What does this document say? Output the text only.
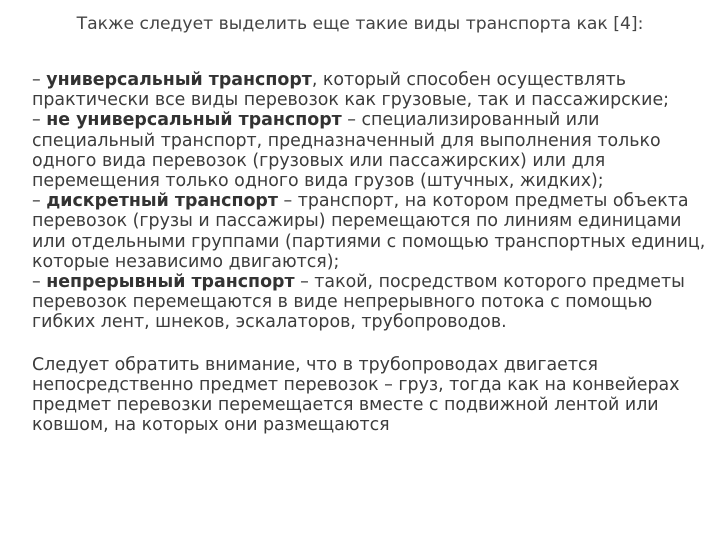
Также следует выделить еще такие виды транспорта как [4]:

– универсальный транспорт, который способен осуществлять практически все виды перевозок как грузовые, так и пассажирские;

– не универсальный транспорт – специализированный или специальный транспорт, предназначенный для выполнения только одного вида перевозок (грузовых или пассажирских) или для перемещения только одного вида грузов (штучных, жидких);

– дискретный транспорт – транспорт, на котором предметы объекта перевозок (грузы и пассажиры) перемещаются по линиям единицами или отдельными группами (партиями с помощью транспортных единиц, которые независимо двигаются);

– непрерывный транспорт – такой, посредством которого предметы перевозок перемещаются в виде непрерывного потока с помощью гибких лент, шнеков, эскалаторов, трубопроводов.

Следует обратить внимание, что в трубопроводах двигается непосредственно предмет перевозок – груз, тогда как на конвейерах предмет перевозки перемещается вместе с подвижной лентой или ковшом, на которых они размещаются
